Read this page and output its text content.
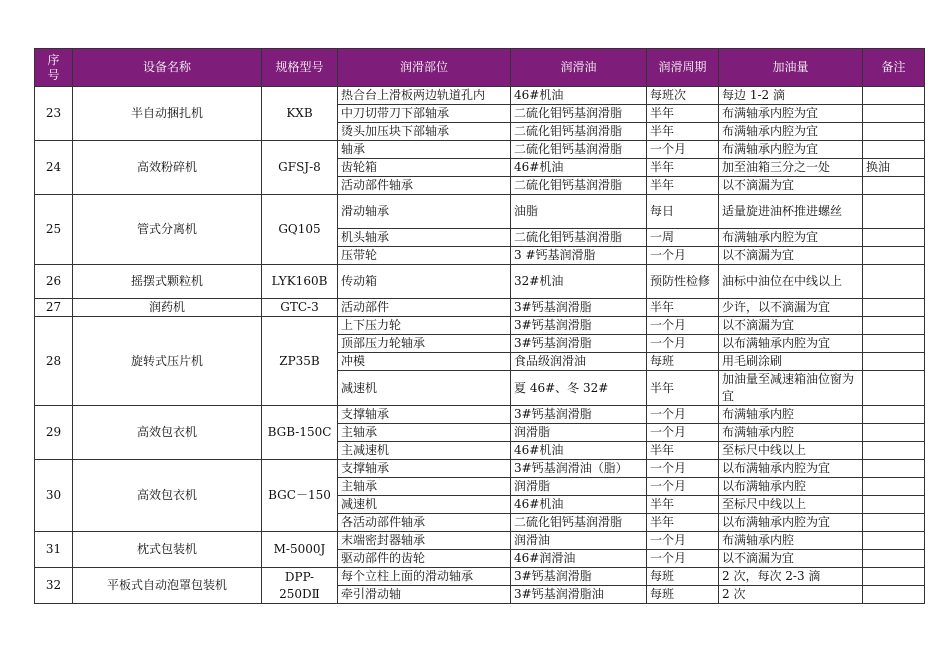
序号	设备名称	规格型号	润滑部位	润滑油	润滑周期	加油量	备注
23	半自动捆扎机	KXB	热合台上滑板两边轨道孔内	46#机油	每班次	每边 1-2 滴	
			中刀切带刀下部轴承	二硫化钼钙基润滑脂	半年	布满轴承内腔为宜	
			烫头加压块下部轴承	二硫化钼钙基润滑脂	半年	布满轴承内腔为宜	
24	高效粉碎机	GFSJ-8	轴承	二硫化钼钙基润滑脂	一个月	布满轴承内腔为宜	
			齿轮箱	46#机油	半年	加至油箱三分之一处	换油
			活动部件轴承	二硫化钼钙基润滑脂	半年	以不滴漏为宜	
25	管式分离机	GQ105	滑动轴承	油脂	每日	适量旋进油杯推进螺丝	
			机头轴承	二硫化钼钙基润滑脂	一周	布满轴承内腔为宜	
			压带轮	3 #钙基润滑脂	一个月	以不滴漏为宜	
26	摇摆式颗粒机	LYK160B	传动箱	32#机油	预防性检修	油标中油位在中线以上	
27	润药机	GTC-3	活动部件	3#钙基润滑脂	半年	少许，以不滴漏为宜	
28	旋转式压片机	ZP35B	上下压力轮	3#钙基润滑脂	一个月	以不滴漏为宜	
			顶部压力轮轴承	3#钙基润滑脂	一个月	以布满轴承内腔为宜	
			冲模	食品级润滑油	每班	用毛刷涂刷	
			减速机	夏 46#、冬 32#	半年	加油量至减速箱油位窗为宜	
29	高效包衣机	BGB-150C	支撑轴承	3#钙基润滑脂	一个月	布满轴承内腔	
			主轴承	润滑脂	一个月	布满轴承内腔	
			主减速机	46#机油	半年	至标尺中线以上	
30	高效包衣机	BGC－150	支撑轴承	3#钙基润滑油（脂）	一个月	以布满轴承内腔为宜	
			主轴承	润滑脂	一个月	以布满轴承内腔	
			减速机	46#机油	半年	至标尺中线以上	
			各活动部件轴承	二硫化钼钙基润滑脂	半年	以布满轴承内腔为宜	
31	枕式包装机	M-5000J	末端密封器轴承	润滑油	一个月	布满轴承内腔	
			驱动部件的齿轮	46#润滑油	一个月	以不滴漏为宜	
32	平板式自动泡罩包装机	DPP-250DⅡ	每个立柱上面的滑动轴承	3#钙基润滑脂	每班	2 次，每次 2-3 滴	
			牵引滑动轴	3#钙基润滑脂油	每班	2 次	
